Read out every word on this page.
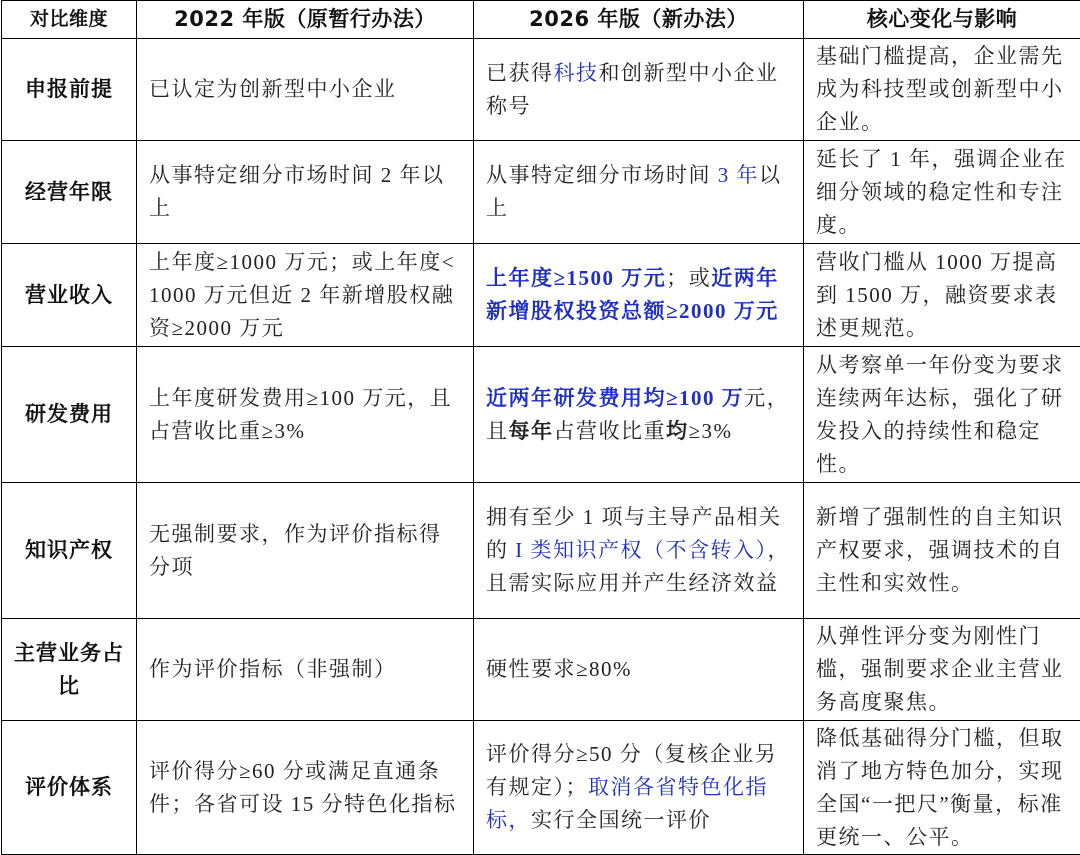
对比维度	2022 年版（原暂行办法）	2026 年版（新办法）	核心变化与影响
申报前提	已认定为创新型中小企业	已获得科技和创新型中小企业称号	基础门槛提高，企业需先成为科技型或创新型中小企业。
经营年限	从事特定细分市场时间 2 年以上	从事特定细分市场时间 3 年以上	延长了 1 年，强调企业在细分领域的稳定性和专注度。
营业收入	上年度≥1000 万元；或上年度<1000 万元但近 2 年新增股权融资≥2000 万元	上年度≥1500 万元；或近两年新增股权投资总额≥2000 万元	营收门槛从 1000 万提高到 1500 万，融资要求表述更规范。
研发费用	上年度研发费用≥100 万元，且占营收比重≥3%	近两年研发费用均≥100 万元，且每年占营收比重均≥3%	从考察单一年份变为要求连续两年达标，强化了研发投入的持续性和稳定性。
知识产权	无强制要求，作为评价指标得分项	拥有至少 1 项与主导产品相关的 I 类知识产权（不含转入），且需实际应用并产生经济效益	新增了强制性的自主知识产权要求，强调技术的自主性和实效性。
主营业务占比	作为评价指标（非强制）	硬性要求≥80%	从弹性评分变为刚性门槛，强制要求企业主营业务高度聚焦。
评价体系	评价得分≥60 分或满足直通条件；各省可设 15 分特色化指标	评价得分≥50 分（复核企业另有规定）；取消各省特色化指标，实行全国统一评价	降低基础得分门槛，但取消了地方特色加分，实现全国“一把尺”衡量，标准更统一、公平。
